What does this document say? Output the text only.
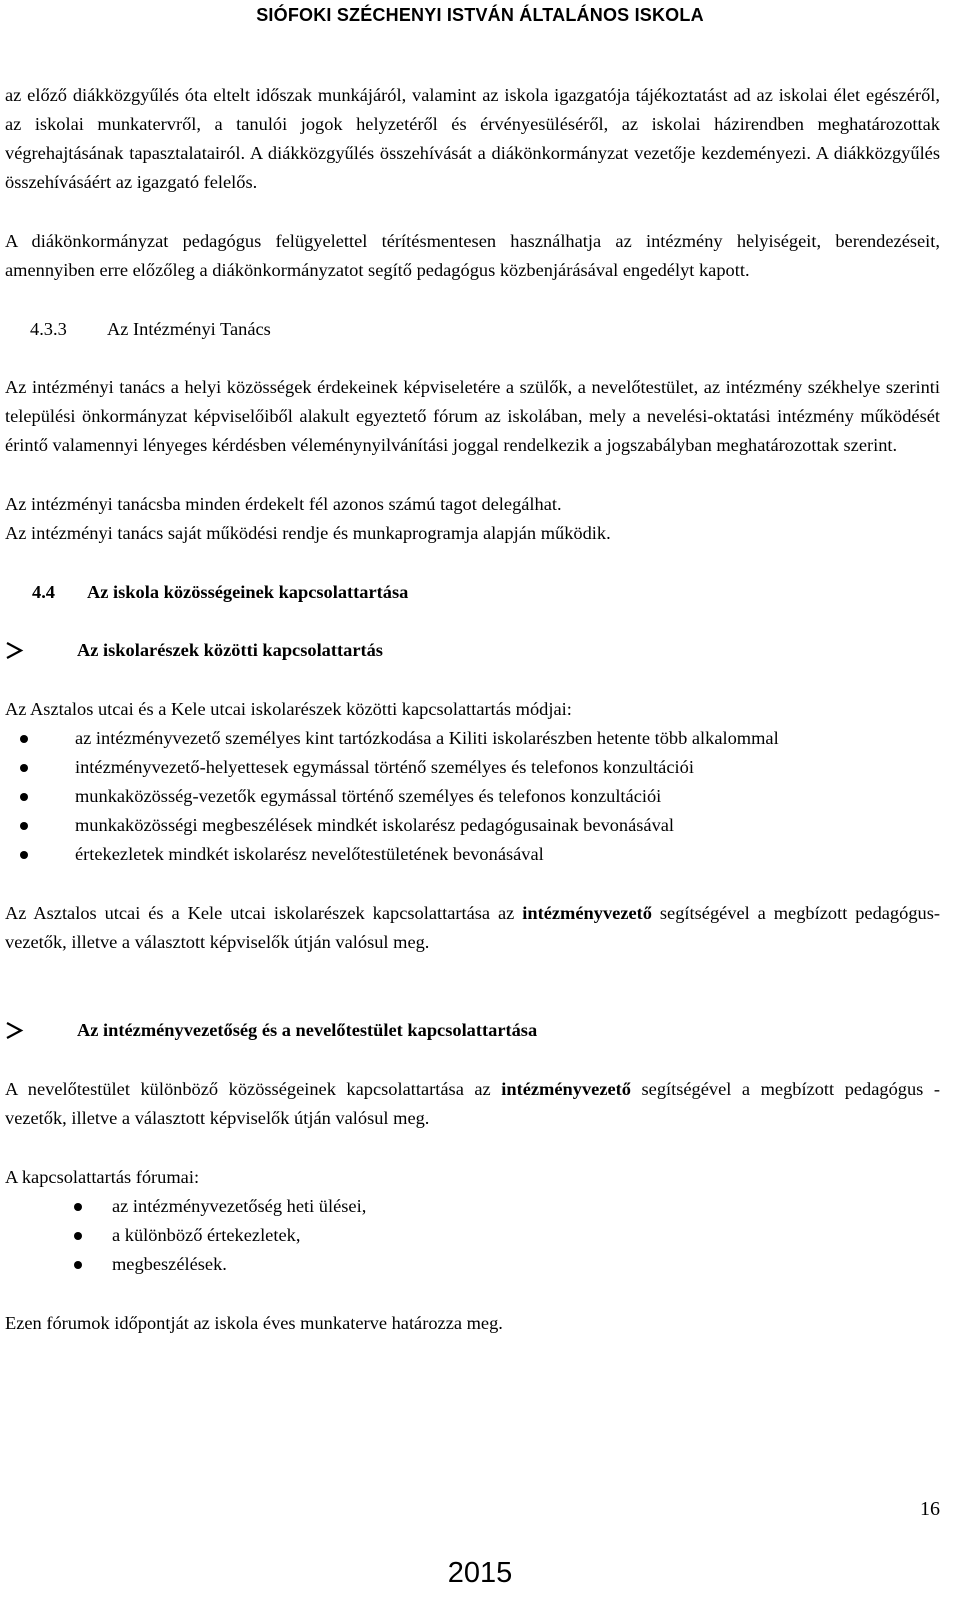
SIÓFOKI SZÉCHENYI ISTVÁN ÁLTALÁNOS ISKOLA

az előző diákközgyűlés óta eltelt időszak munkájáról, valamint az iskola igazgatója tájékoztatást ad az iskolai élet egészéről, az iskolai munkatervről, a tanulói jogok helyzetéről és érvényesüléséről, az iskolai házirendben meghatározottak végrehajtásának tapasztalatairól. A diákközgyűlés összehívását a diákönkormányzat vezetője kezdeményezi. A diákközgyűlés összehívásáért az igazgató felelős.

A diákönkormányzat pedagógus felügyelettel térítésmentesen használhatja az intézmény helyiségeit, berendezéseit, amennyiben erre előzőleg a diákönkormányzatot segítő pedagógus közbenjárásával engedélyt kapott.

4.3.3 Az Intézményi Tanács

Az intézményi tanács a helyi közösségek érdekeinek képviseletére a szülők, a nevelőtestület, az intézmény székhelye szerinti települési önkormányzat képviselőiből alakult egyeztető fórum az iskolában, mely a nevelési-oktatási intézmény működését érintő valamennyi lényeges kérdésben véleménynyilvánítási joggal rendelkezik a jogszabályban meghatározottak szerint.

Az intézményi tanácsba minden érdekelt fél azonos számú tagot delegálhat.

Az intézményi tanács saját működési rendje és munkaprogramja alapján működik.

4.4 Az iskola közösségeinek kapcsolattartása

Az iskolarészek közötti kapcsolattartás

Az Asztalos utcai és a Kele utcai iskolarészek közötti kapcsolattartás módjai:

az intézményvezető személyes kint tartózkodása a Kiliti iskolarészben hetente több alkalommal
intézményvezető-helyettesek egymással történő személyes és telefonos konzultációi
munkaközösség-vezetők egymással történő személyes és telefonos konzultációi
munkaközösségi megbeszélések mindkét iskolarész pedagógusainak bevonásával
értekezletek mindkét iskolarész nevelőtestületének bevonásával

Az Asztalos utcai és a Kele utcai iskolarészek kapcsolattartása az intézményvezető segítségével a megbízott pedagógus-vezetők, illetve a választott képviselők útján valósul meg.

Az intézményvezetőség és a nevelőtestület kapcsolattartása

A nevelőtestület különböző közösségeinek kapcsolattartása az intézményvezető segítségével a megbízott pedagógus - vezetők, illetve a választott képviselők útján valósul meg.

A kapcsolattartás fórumai:

az intézményvezetőség heti ülései,
a különböző értekezletek,
megbeszélések.

Ezen fórumok időpontját az iskola éves munkaterve határozza meg.

16
2015
